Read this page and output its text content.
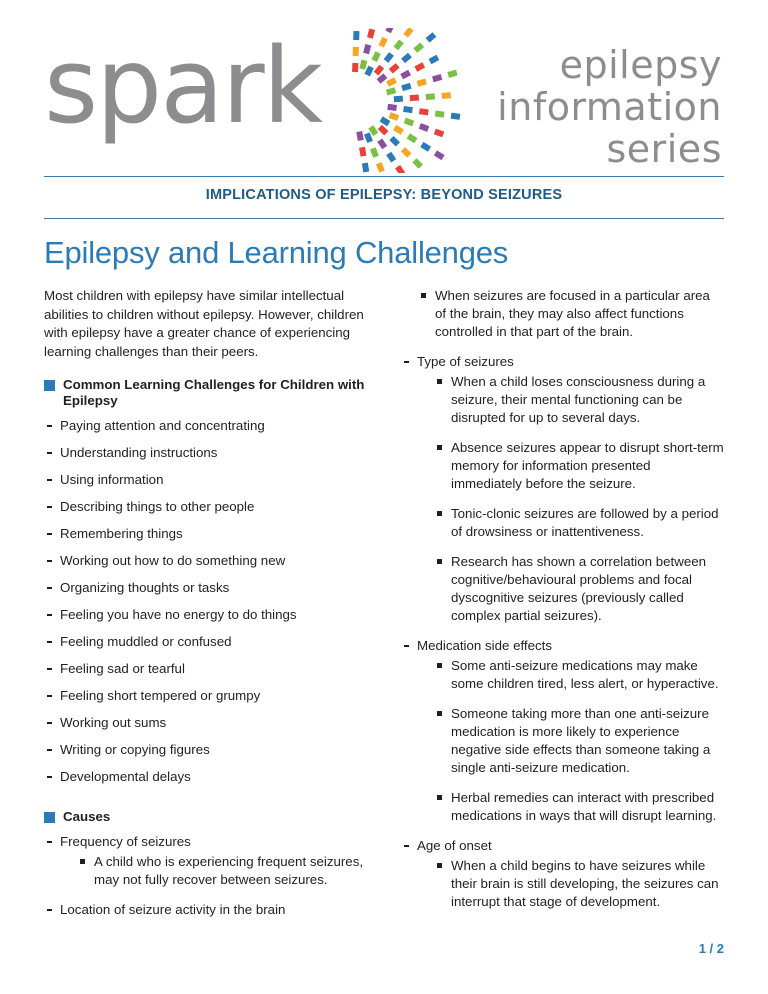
spark	epilepsy
information
series
IMPLICATIONS OF EPILEPSY: BEYOND SEIZURES
Epilepsy and Learning Challenges

Most children with epilepsy have similar intellectual abilities to children without epilepsy. However, children with epilepsy have a greater chance of experiencing learning challenges than their peers.

Common Learning Challenges for Children with Epilepsy
Paying attention and concentrating
Understanding instructions
Using information
Describing things to other people
Remembering things
Working out how to do something new
Organizing thoughts or tasks
Feeling you have no energy to do things
Feeling muddled or confused
Feeling sad or tearful
Feeling short tempered or grumpy
Working out sums
Writing or copying figures
Developmental delays
Causes
Frequency of seizures
A child who is experiencing frequent seizures, may not fully recover between seizures.
Location of seizure activity in the brain
When seizures are focused in a particular area of the brain, they may also affect functions controlled in that part of the brain.
Type of seizures
When a child loses consciousness during a seizure, their mental functioning can be disrupted for up to several days.
Absence seizures appear to disrupt short-term memory for information presented immediately before the seizure.
Tonic-clonic seizures are followed by a period of drowsiness or inattentiveness.
Research has shown a correlation between cognitive/behavioural problems and focal dyscognitive seizures (previously called complex partial seizures).
Medication side effects
Some anti-seizure medications may make some children tired, less alert, or hyperactive.
Someone taking more than one anti-seizure medication is more likely to experience negative side effects than someone taking a single anti-seizure medication.
Herbal remedies can interact with prescribed medications in ways that will disrupt learning.
Age of onset
When a child begins to have seizures while their brain is still developing, the seizures can interrupt that stage of development.
1 / 2
